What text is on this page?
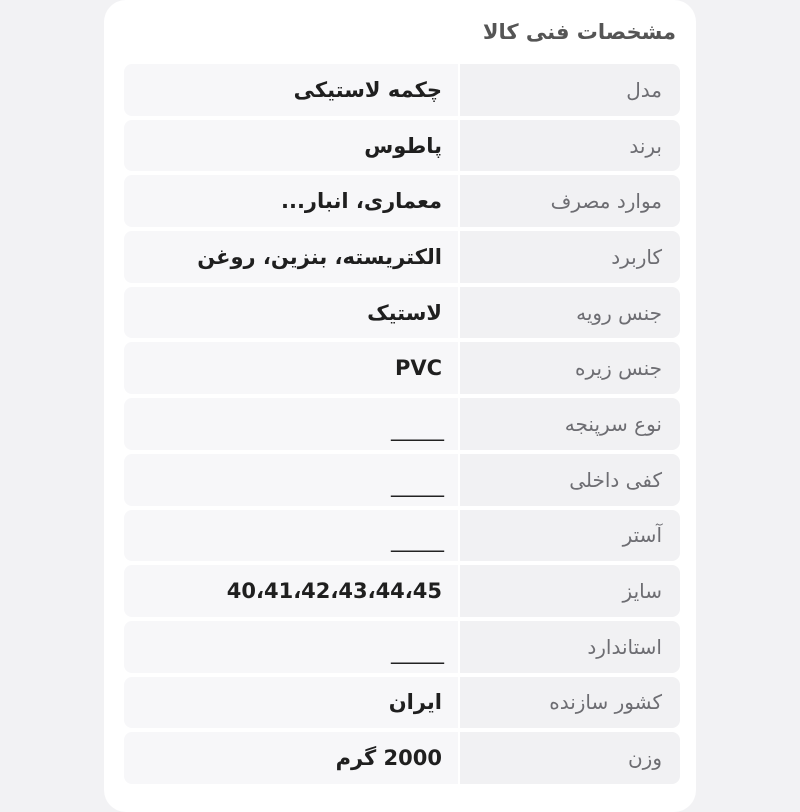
مشخصات فنی کالا
مدل
چکمه لاستیکی
برند
پاطوس
موارد مصرف
معماری، انبار...
کاربرد
الکتریسته، بنزین، روغن
جنس رویه
لاستیک
جنس زیره
PVC
نوع سرپنجه
______
کفی داخلی
______
آستر
______
سایز
40،41،42،43،44،45
استاندارد
______
کشور سازنده
ایران
وزن
2000 گرم
